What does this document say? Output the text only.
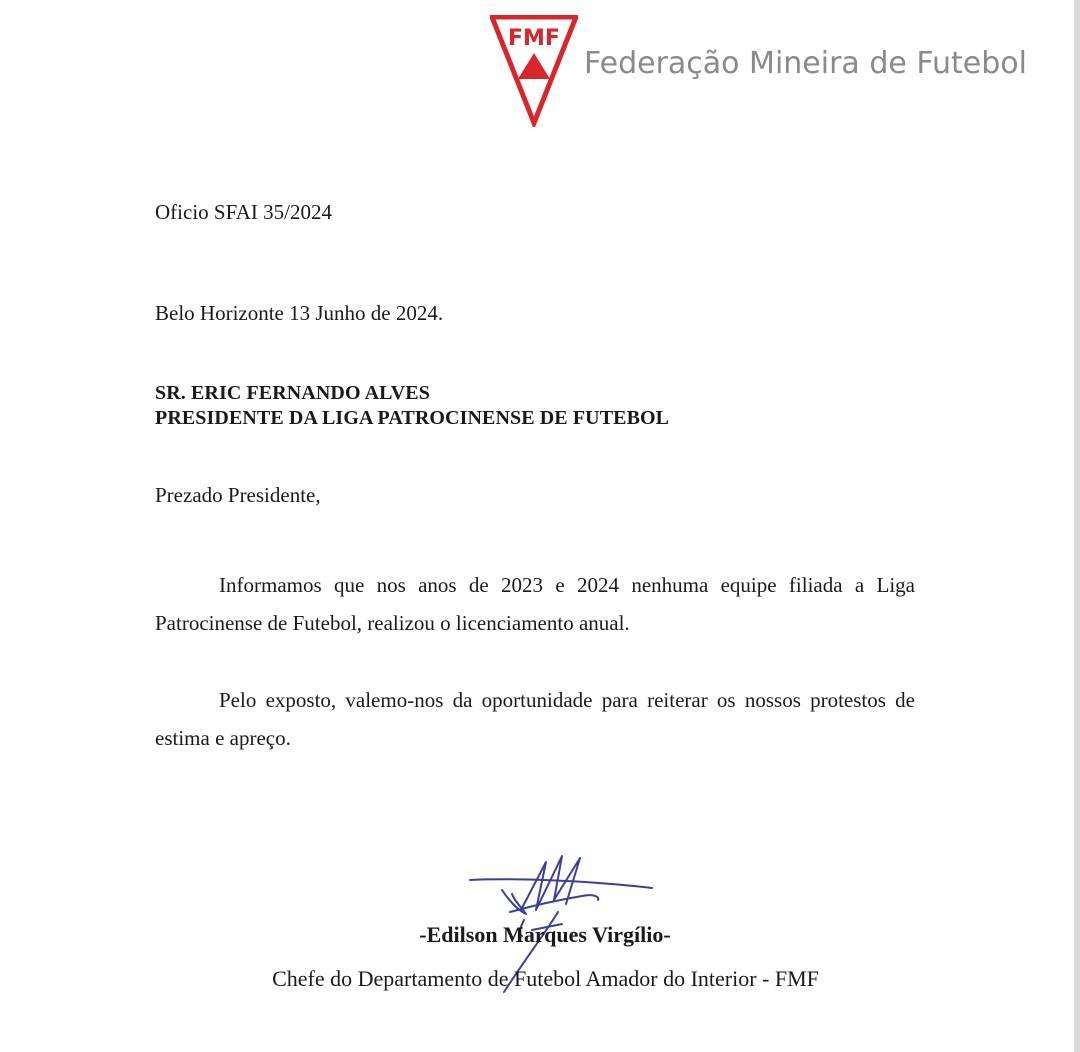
FMF
Federação Mineira de Futebol
Oficio SFAI 35/2024
Belo Horizonte 13 Junho de 2024.
SR. ERIC FERNANDO ALVES
PRESIDENTE DA LIGA PATROCINENSE DE FUTEBOL
Prezado Presidente,
Informamos que nos anos de 2023 e 2024 nenhuma equipe filiada a Liga Patrocinense de Futebol, realizou o licenciamento anual.
Pelo exposto, valemo-nos da oportunidade para reiterar os nossos protestos de estima e apreço.
-Edilson Marques Virgílio-
Chefe do Departamento de Futebol Amador do Interior - FMF
